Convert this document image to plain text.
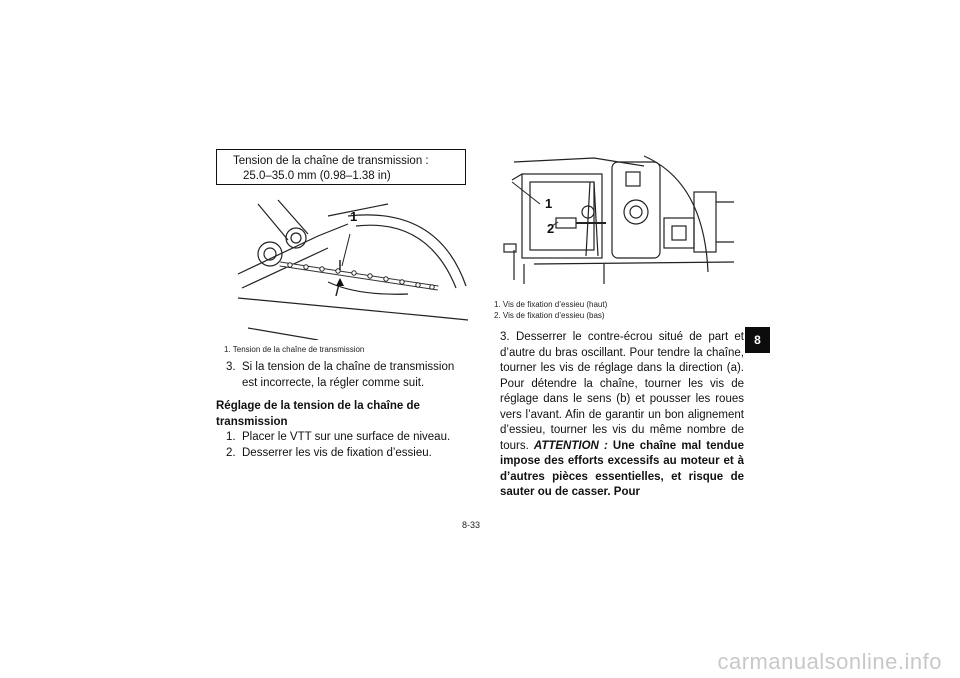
Tension de la chaîne de transmission :
25.0–35.0 mm (0.98–1.38 in)
1
1. Tension de la chaîne de transmission
3. Si la tension de la chaîne de transmission est incorrecte, la régler comme suit.
Réglage de la tension de la chaîne de transmission
1. Placer le VTT sur une surface de niveau.
2. Desserrer les vis de fixation d’essieu.
1
2
1. Vis de fixation d’essieu (haut)
2. Vis de fixation d’essieu (bas)
3. Desserrer le contre-écrou situé de part et d’autre du bras oscillant. Pour tendre la chaîne, tourner les vis de réglage dans la direction (a). Pour détendre la chaîne, tourner les vis de réglage dans le sens (b) et pousser les roues vers l’avant. Afin de garantir un bon alignement d’essieu, tourner les vis du même nombre de tours. ATTENTION : Une chaîne mal tendue impose des efforts excessifs au moteur et à d’autres pièces essentielles, et risque de sauter ou de casser. Pour
8
8-33
carmanualsonline.info
